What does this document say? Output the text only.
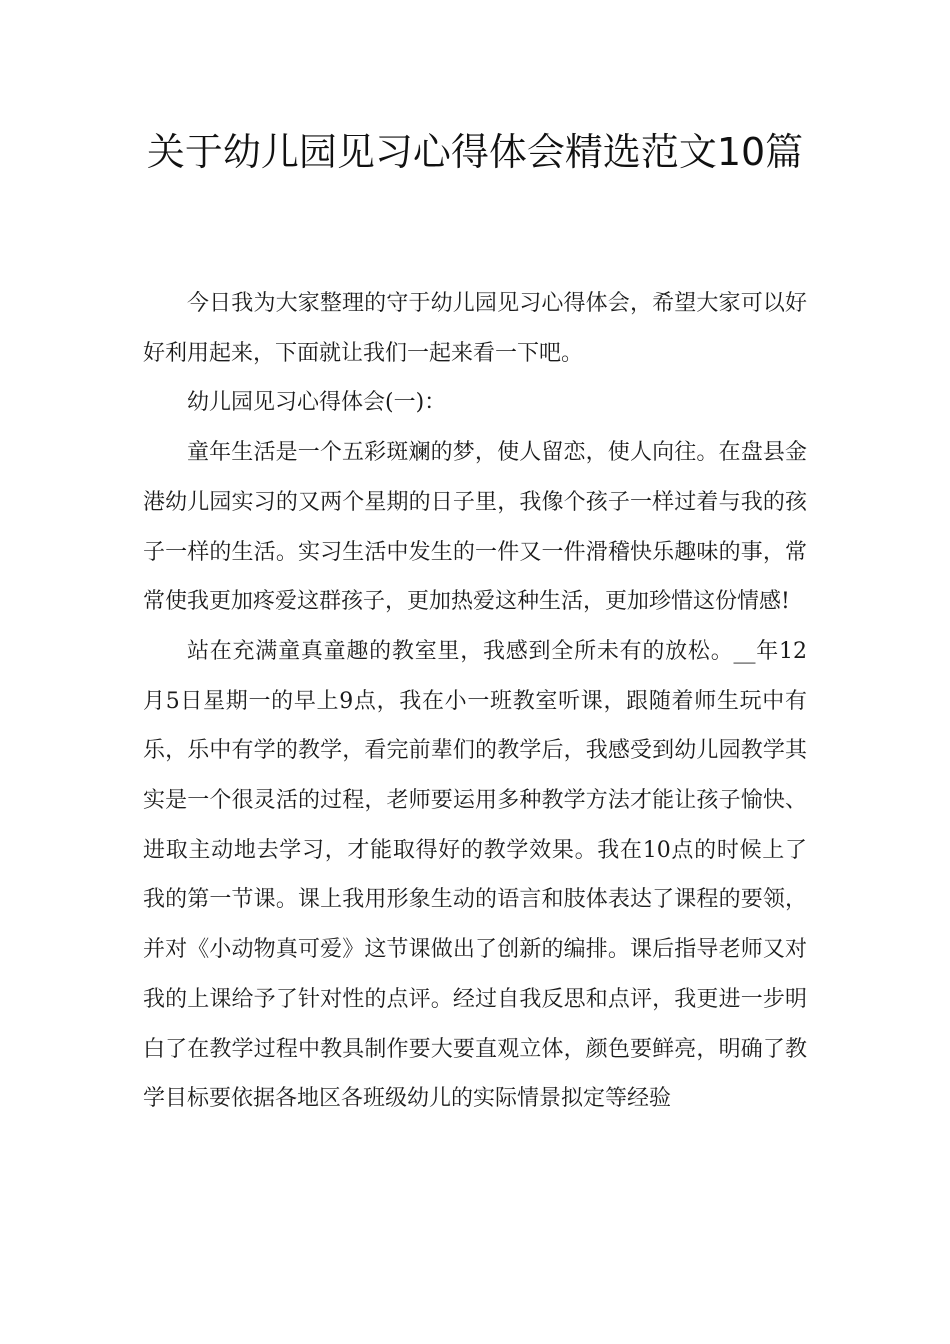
关于幼儿园见习心得体会精选范文10篇

今日我为大家整理的守于幼儿园见习心得体会，希望大家可以好好利用起来，下面就让我们一起来看一下吧。

幼儿园见习心得体会(一)：

童年生活是一个五彩斑斓的梦，使人留恋，使人向往。在盘县金港幼儿园实习的又两个星期的日子里，我像个孩子一样过着与我的孩子一样的生活。实习生活中发生的一件又一件滑稽快乐趣味的事，常常使我更加疼爱这群孩子，更加热爱这种生活，更加珍惜这份情感!

站在充满童真童趣的教室里，我感到全所未有的放松。__年12月5日星期一的早上9点，我在小一班教室听课，跟随着师生玩中有乐，乐中有学的教学，看完前辈们的教学后，我感受到幼儿园教学其实是一个很灵活的过程，老师要运用多种教学方法才能让孩子愉快、进取主动地去学习，才能取得好的教学效果。我在10点的时候上了我的第一节课。课上我用形象生动的语言和肢体表达了课程的要领，并对《小动物真可爱》这节课做出了创新的编排。课后指导老师又对我的上课给予了针对性的点评。经过自我反思和点评，我更进一步明白了在教学过程中教具制作要大要直观立体，颜色要鲜亮，明确了教学目标要依据各地区各班级幼儿的实际情景拟定等经验
